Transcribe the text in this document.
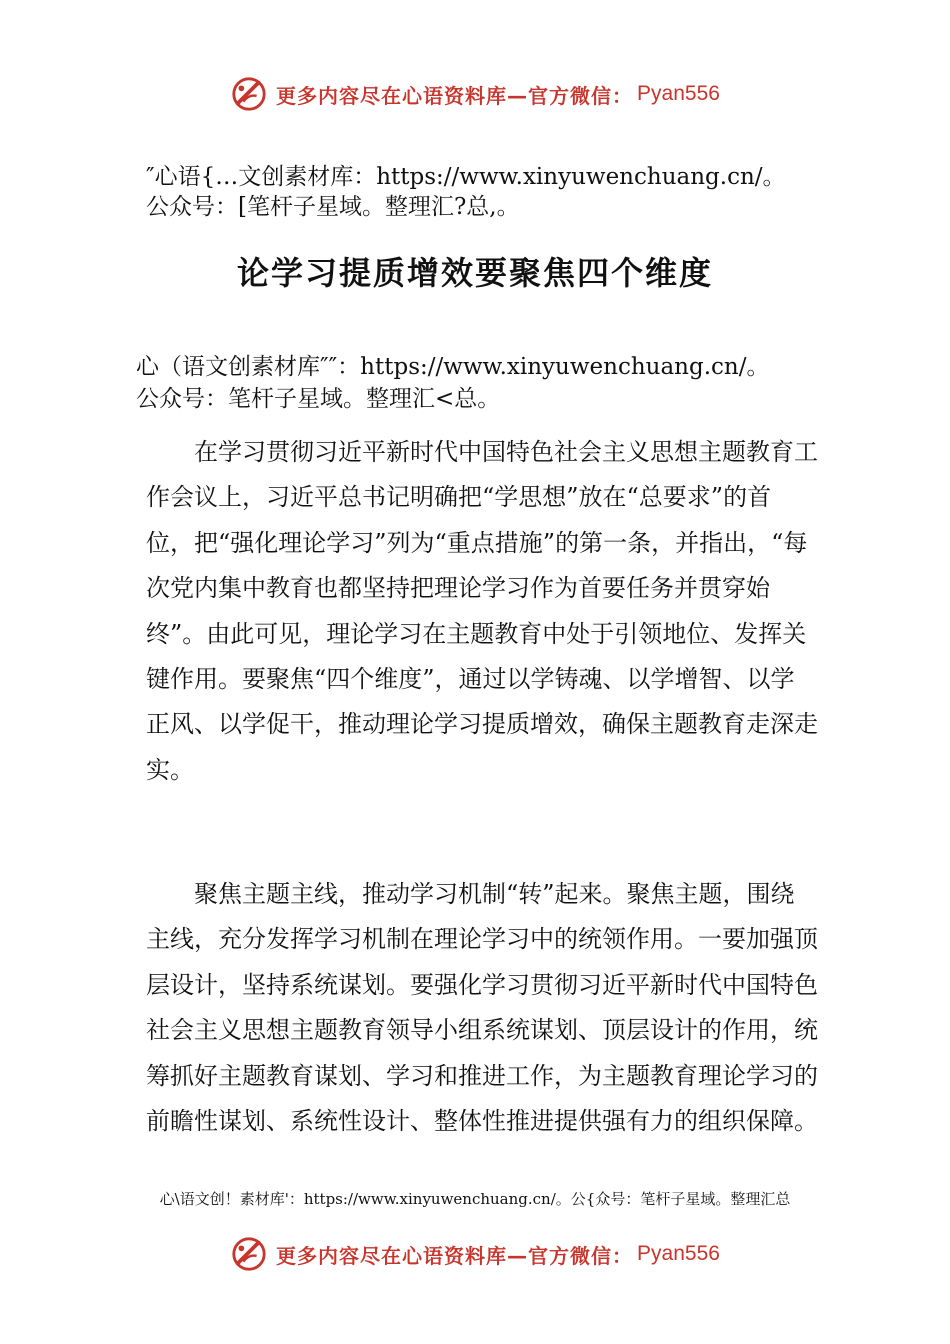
更多内容尽在心语资料库—官方微信： Pyan556
″心语{…文创素材库：https://www.xinyuwenchuang.cn/。
公众号：[笔杆子星域。整理汇?总,。
论学习提质增效要聚焦四个维度
心（语文创素材库″″：https://www.xinyuwenchuang.cn/。
公众号：笔杆子星域。整理汇<总。

在学习贯彻习近平新时代中国特色社会主义思想主题教育工作会议上，习近平总书记明确把“学思想”放在“总要求”的首位，把“强化理论学习”列为“重点措施”的第一条，并指出，“每次党内集中教育也都坚持把理论学习作为首要任务并贯穿始终”。由此可见，理论学习在主题教育中处于引领地位、发挥关键作用。要聚焦“四个维度”，通过以学铸魂、以学增智、以学正风、以学促干，推动理论学习提质增效，确保主题教育走深走实。

聚焦主题主线，推动学习机制“转”起来。聚焦主题，围绕主线，充分发挥学习机制在理论学习中的统领作用。一要加强顶层设计，坚持系统谋划。要强化学习贯彻习近平新时代中国特色社会主义思想主题教育领导小组系统谋划、顶层设计的作用，统筹抓好主题教育谋划、学习和推进工作，为主题教育理论学习的前瞻性谋划、系统性设计、整体性推进提供强有力的组织保障。

心\语文创！素材库'：https://www.xinyuwenchuang.cn/。公{众号：笔杆子星域。整理汇总
更多内容尽在心语资料库—官方微信： Pyan556
